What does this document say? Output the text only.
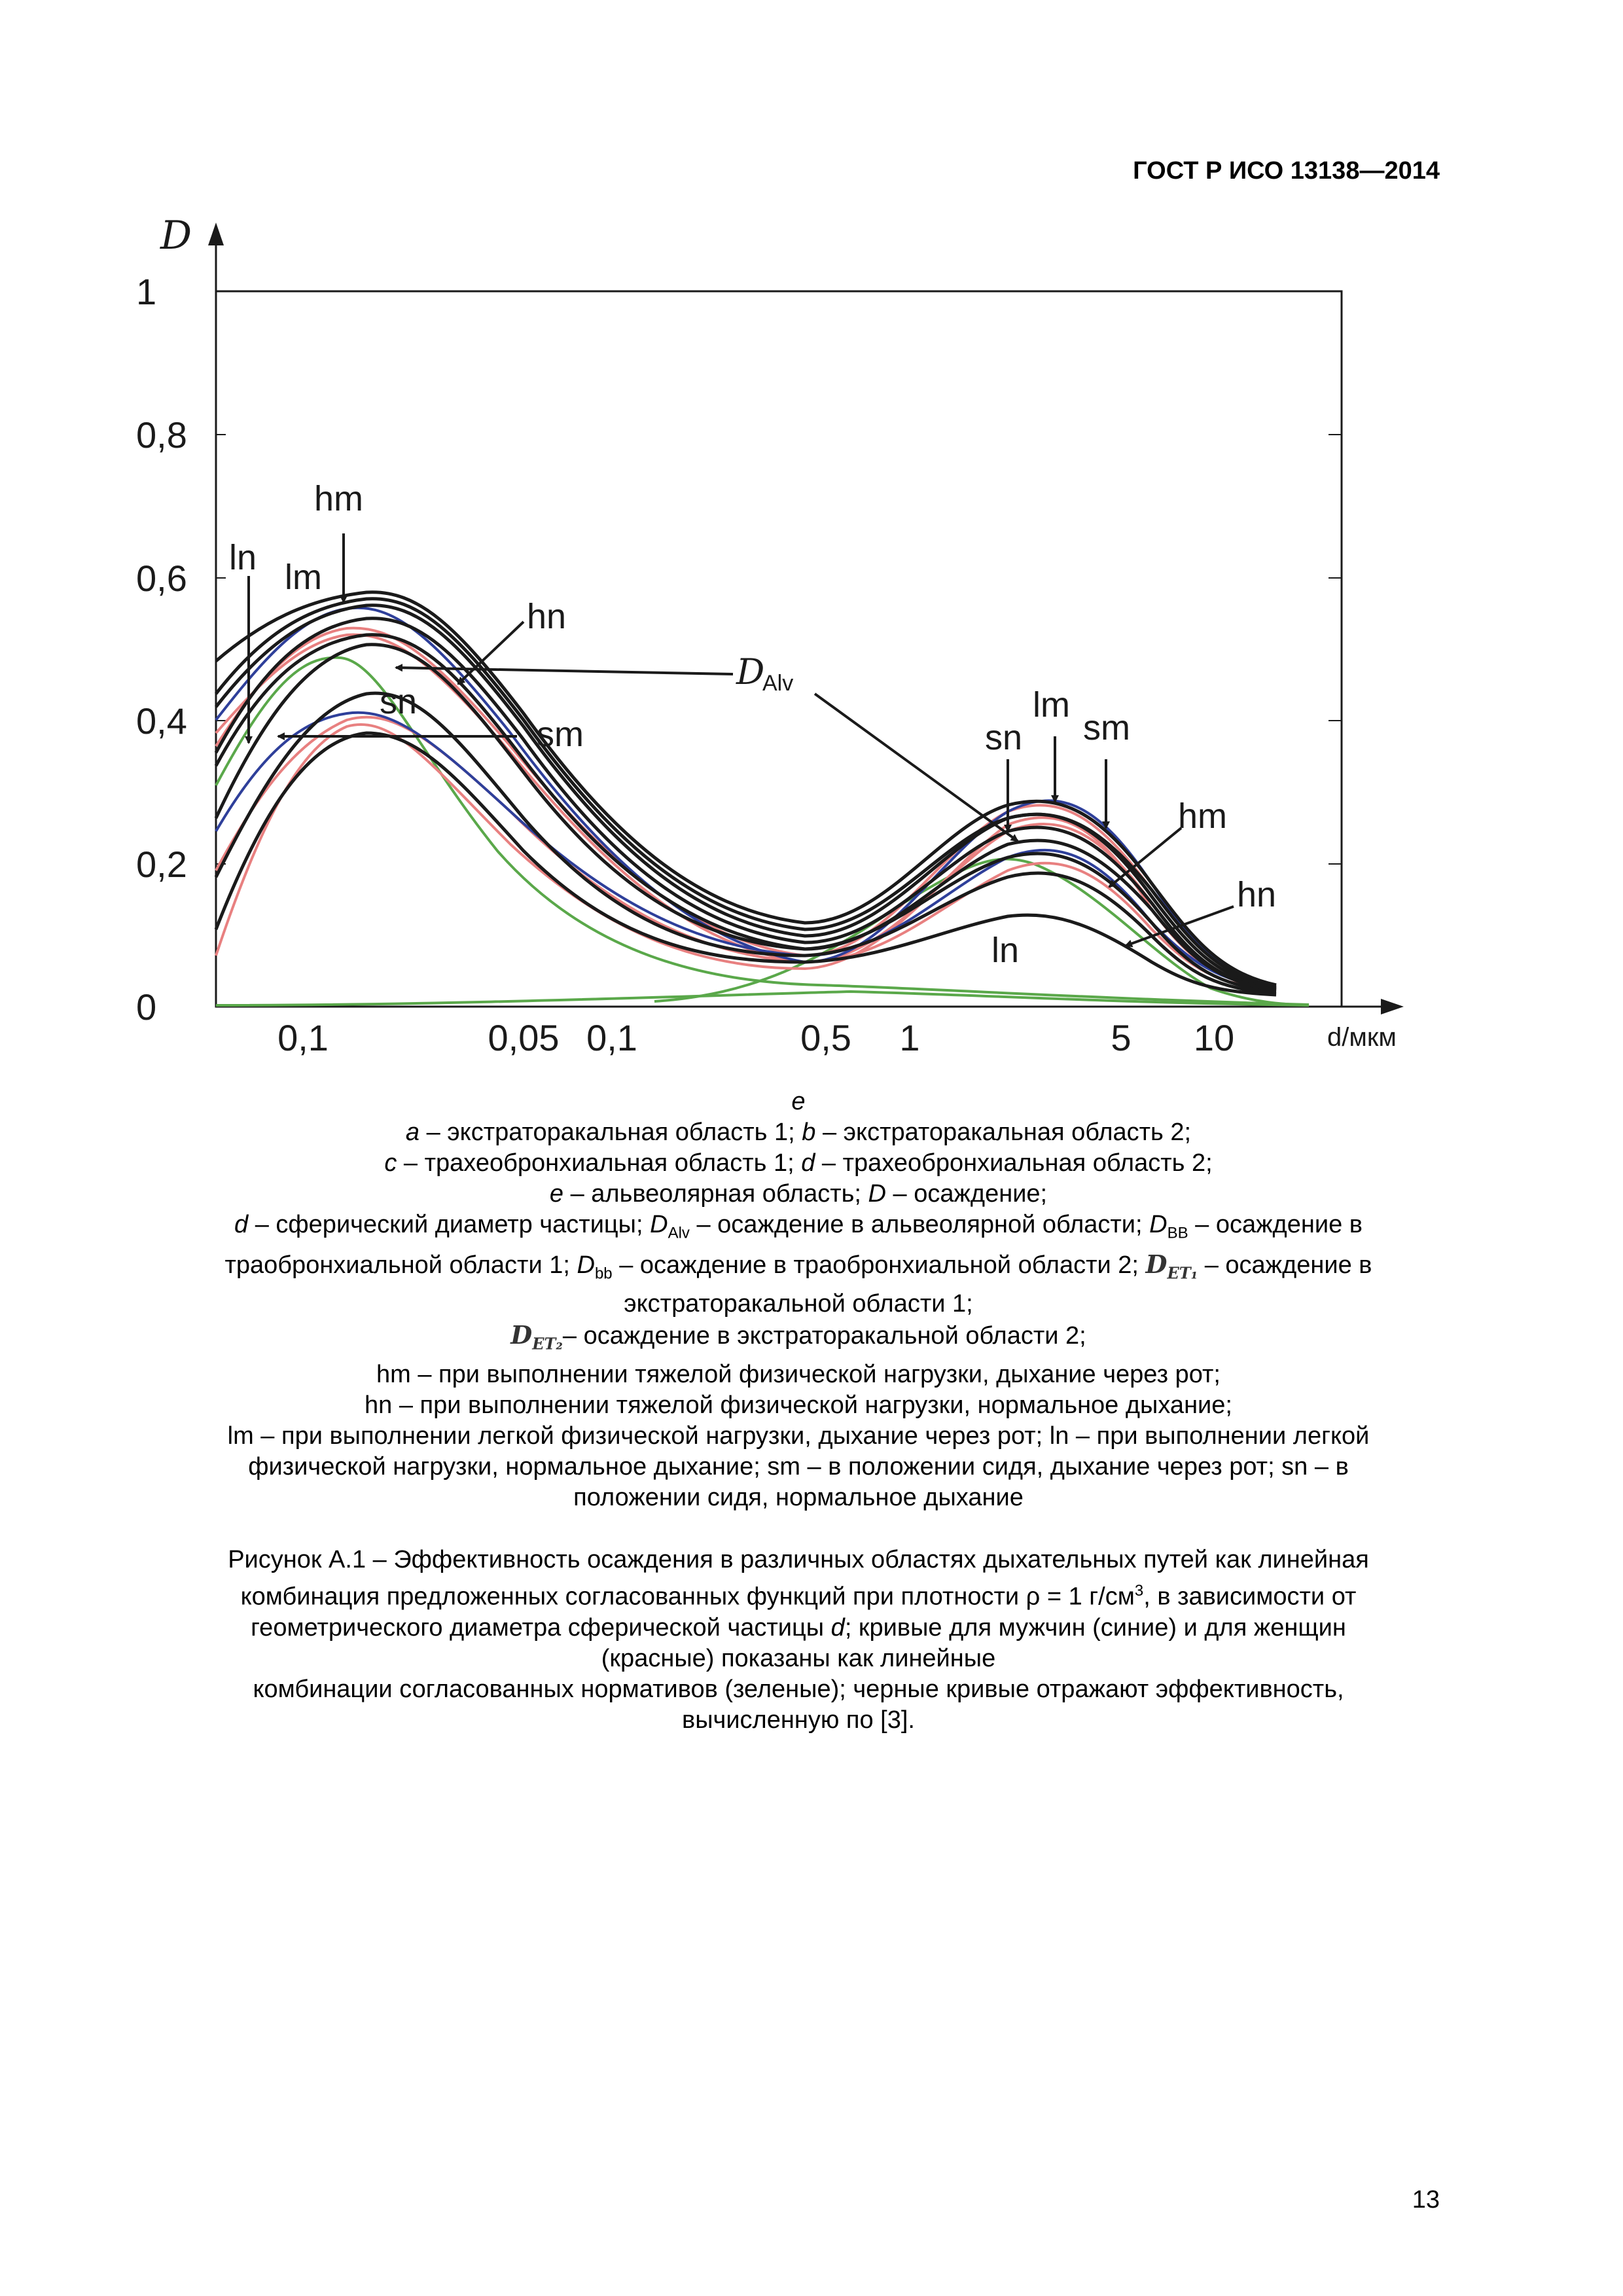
ГОСТ Р ИСО 13138—2014
0
0,2
0,4
0,6
0,8
1
D
0,1	0,05 0,1	0,5 1	5 10	d/мкм
hm
ln lm
hn
sn
sm
D
Alv
sn
lm
sm
hm
hn
ln

e

a – экстраторакальная область 1; b – экстраторакальная область 2;

c – трахеобронхиальная область 1; d – трахеобронхиальная область 2;

e – альвеолярная область; D – осаждение;

d – сферический диаметр частицы; $D_{Alv}$ – осаждение в альвеолярной области; $D_{BB}$ – осаждение в

траобронхиальной области 1; $D_{bb}$ – осаждение в траобронхиальной области 2; $D_{ET_1}$ – осаждение в

экстраторакальной области 1;

$D_{ET_2}-$ осаждение в экстраторакальной области 2;

hm – при выполнении тяжелой физической нагрузки, дыхание через рот;

hn – при выполнении тяжелой физической нагрузки, нормальное дыхание;

lm – при выполнении легкой физической нагрузки, дыхание через рот; ln – при выполнении легкой

физической нагрузки, нормальное дыхание; sm – в положении сидя, дыхание через рот; sn – в

положении сидя, нормальное дыхание

Рисунок А.1 – Эффективность осаждения в различных областях дыхательных путей как линейная

комбинация предложенных согласованных функций при плотности ρ = 1 $г/см^3$, в зависимости от

геометрического диаметра сферической частицы d; кривые для мужчин (синие) и для женщин

(красные) показаны как линейные

комбинации согласованных нормативов (зеленые); черные кривые отражают эффективность,

вычисленную по [3].

13
